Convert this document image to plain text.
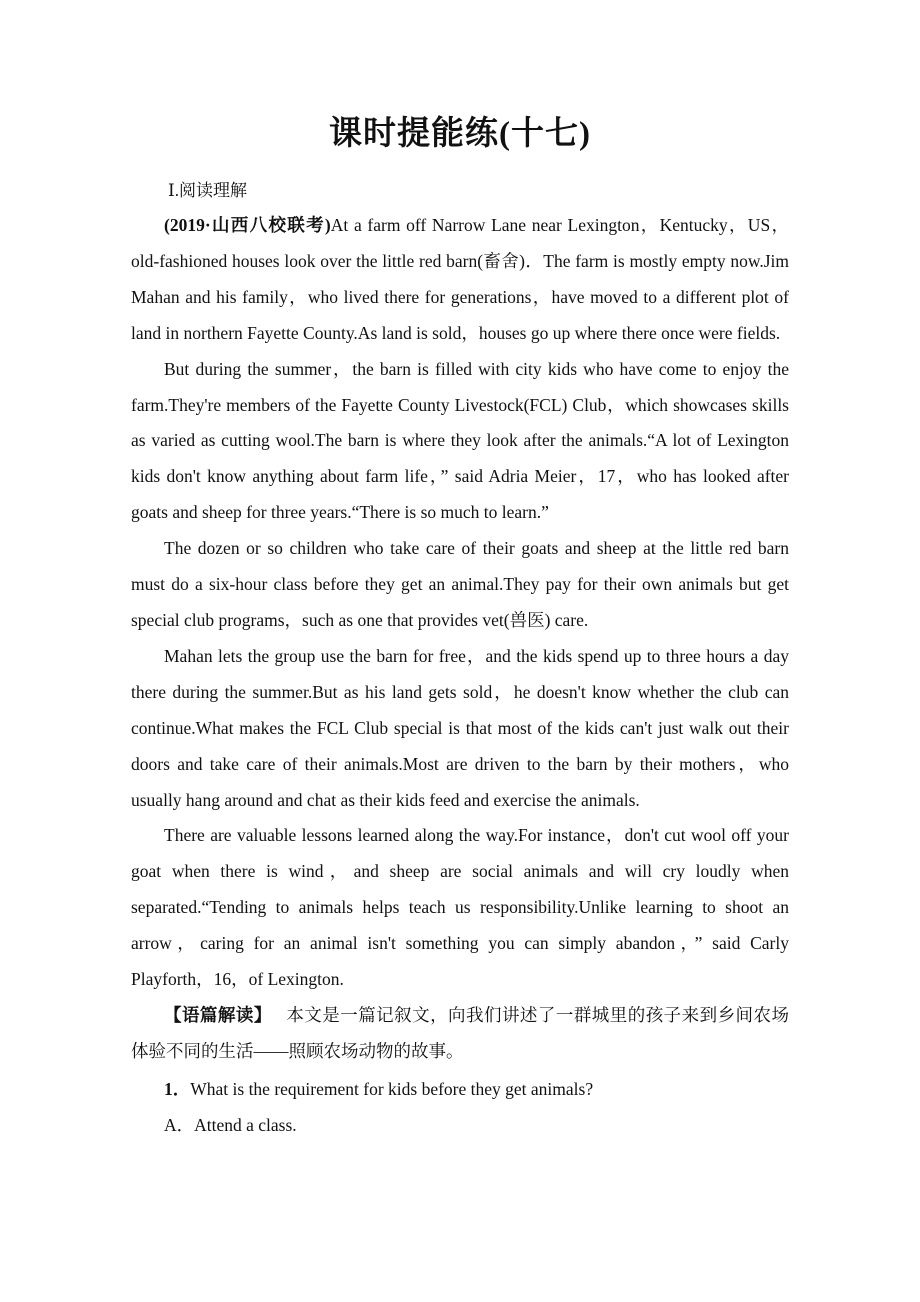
课时提能练(十七)
Ⅰ.阅读理解

(2019·山西八校联考)At a farm off Narrow Lane near Lexington，Kentucky，US，old-fashioned houses look over the little red barn(畜舍)．The farm is mostly empty now.Jim Mahan and his family，who lived there for generations，have moved to a different plot of land in northern Fayette County.As land is sold，houses go up where there once were fields.

But during the summer，the barn is filled with city kids who have come to enjoy the farm.They're members of the Fayette County Livestock(FCL) Club，which showcases skills as varied as cutting wool.The barn is where they look after the animals.“A lot of Lexington kids don't know anything about farm life，” said Adria Meier，17，who has looked after goats and sheep for three years.“There is so much to learn.”

The dozen or so children who take care of their goats and sheep at the little red barn must do a six-hour class before they get an animal.They pay for their own animals but get special club programs，such as one that provides vet(兽医) care.

Mahan lets the group use the barn for free，and the kids spend up to three hours a day there during the summer.But as his land gets sold，he doesn't know whether the club can continue.What makes the FCL Club special is that most of the kids can't just walk out their doors and take care of their animals.Most are driven to the barn by their mothers，who usually hang around and chat as their kids feed and exercise the animals.

There are valuable lessons learned along the way.For instance，don't cut wool off your goat when there is wind，and sheep are social animals and will cry loudly when separated.“Tending to animals helps teach us responsibility.Unlike learning to shoot an arrow，caring for an animal isn't something you can simply abandon，” said Carly Playforth，16，of Lexington.

【语篇解读】 本文是一篇记叙文，向我们讲述了一群城里的孩子来到乡间农场体验不同的生活——照顾农场动物的故事。

1．What is the requirement for kids before they get animals?

A．Attend a class.
